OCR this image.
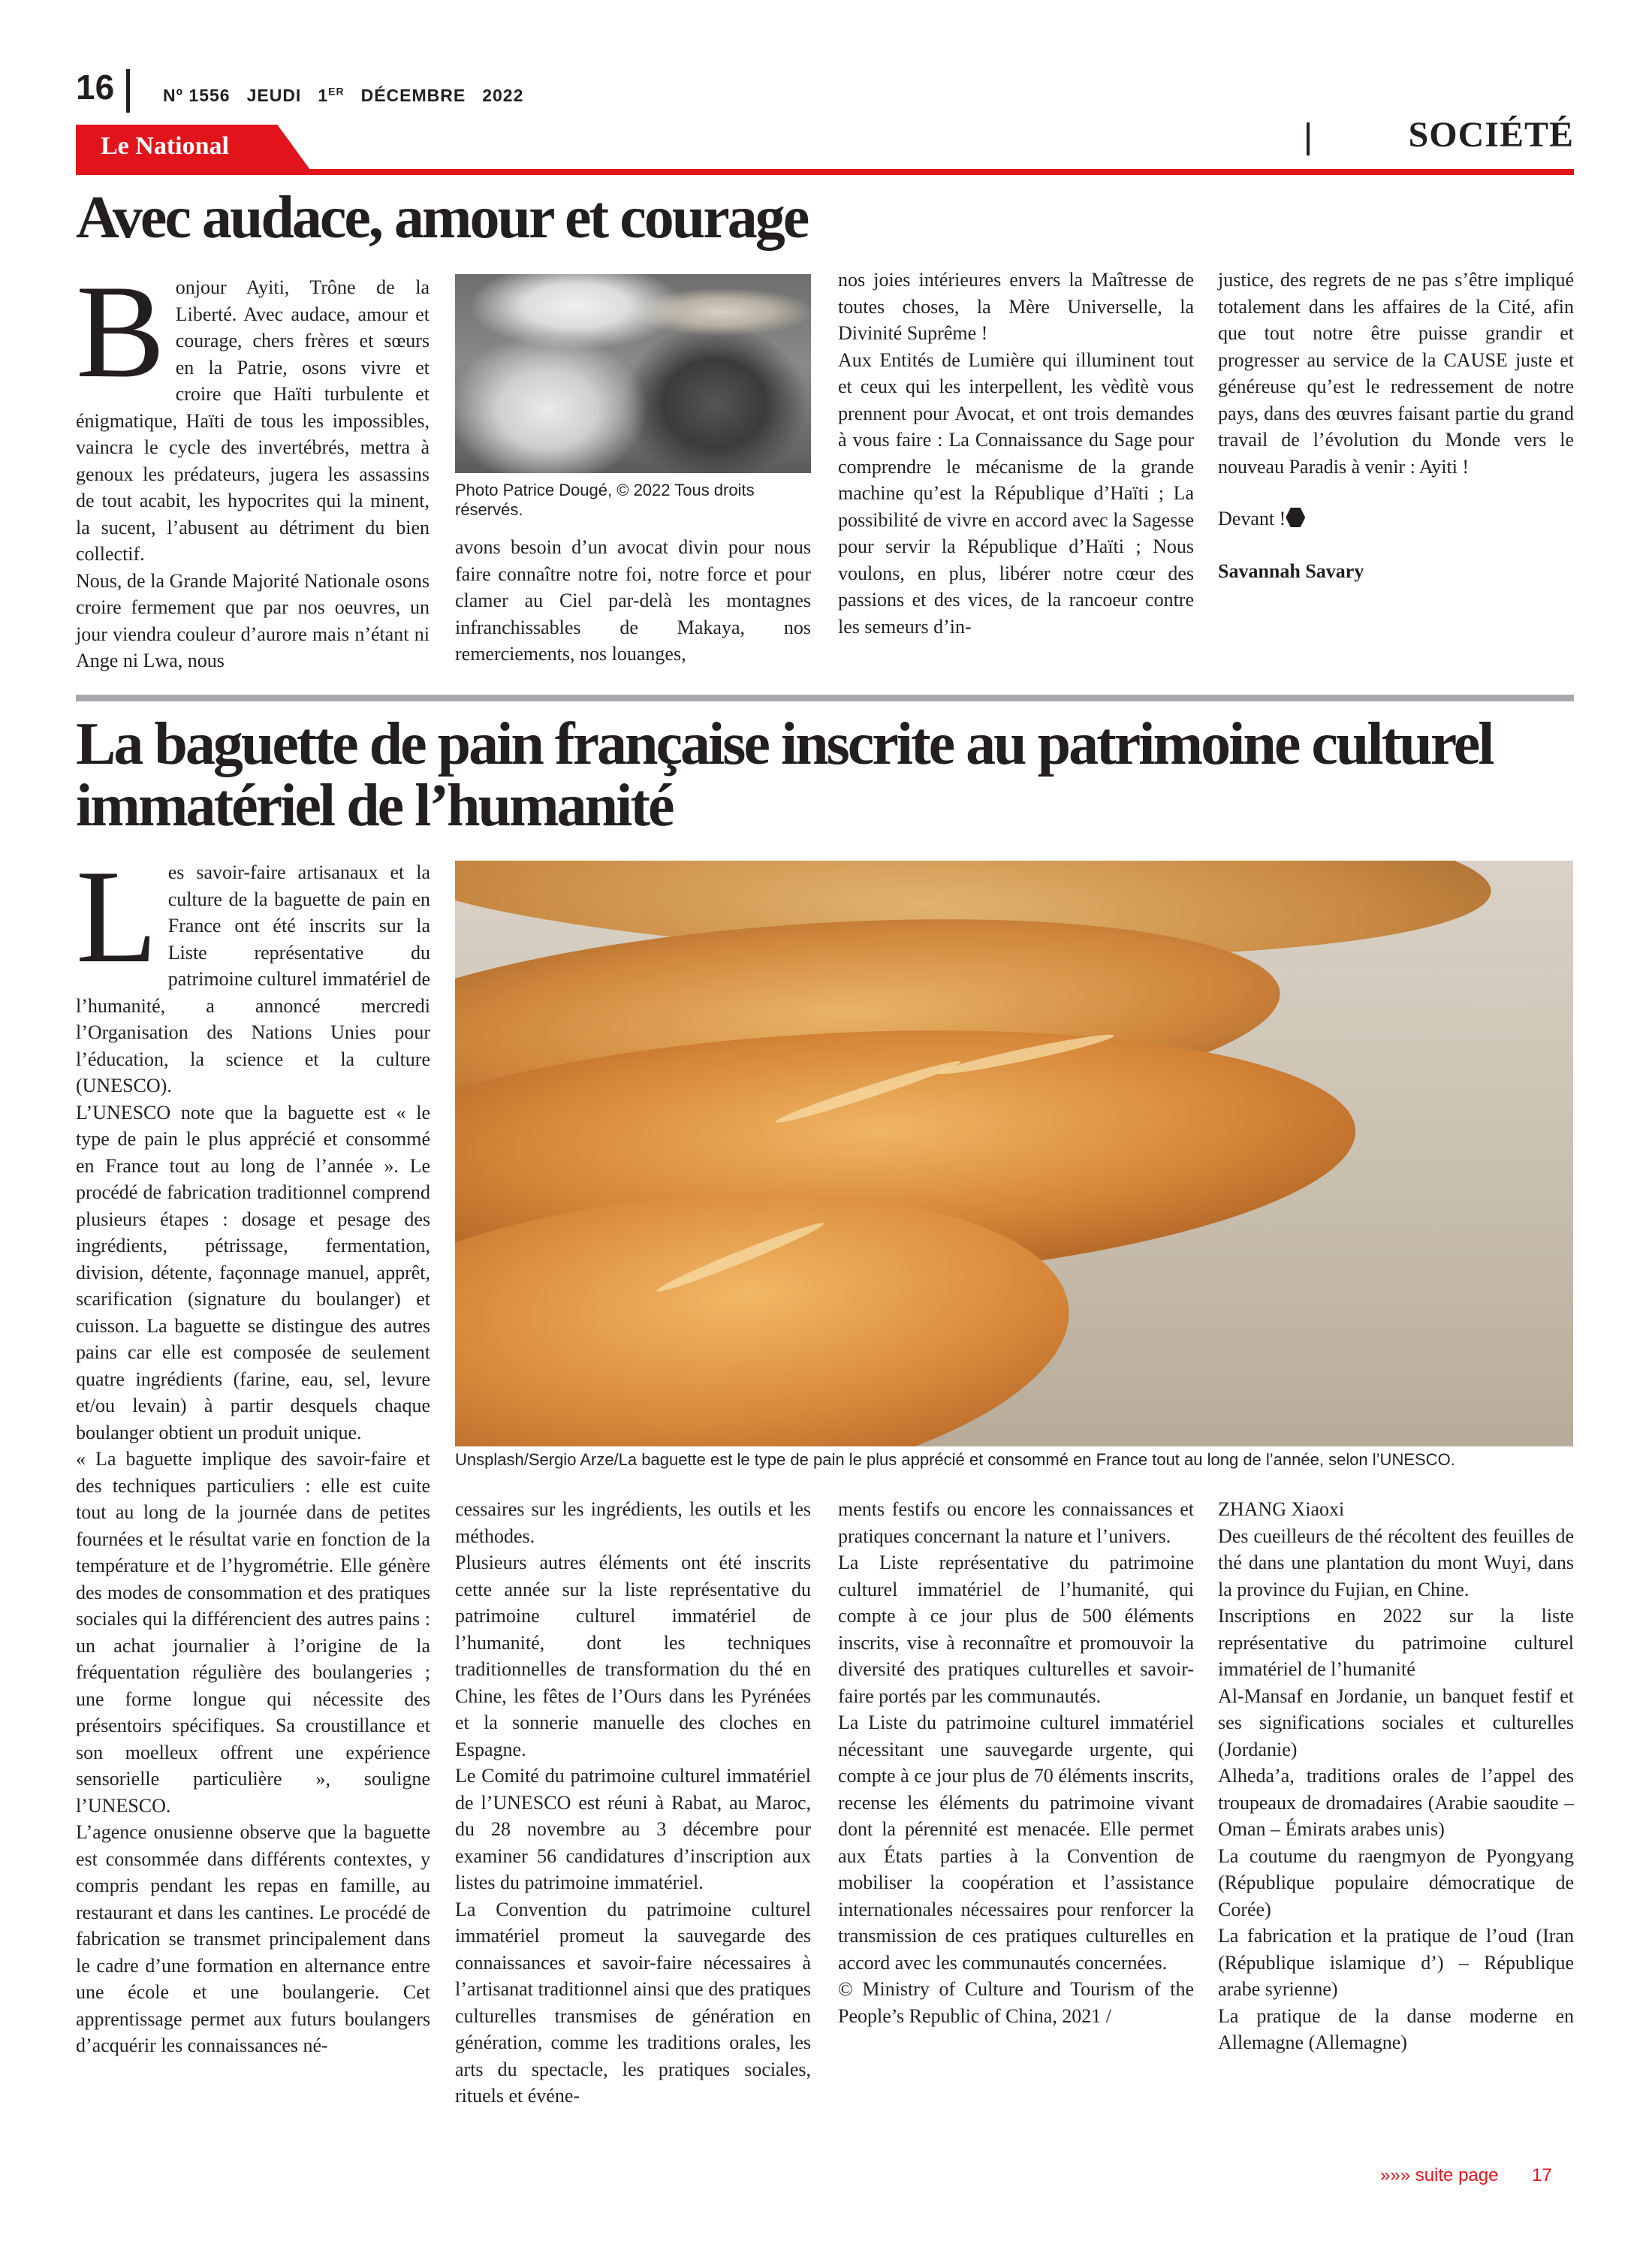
16	Nº 1556 JEUDI 1ER DÉCEMBRE 2022
Le National	SOCIÉTÉ
Avec audace, amour et courage

Bonjour Ayiti, Trône de la Liberté. Avec audace, amour et courage, chers frères et sœurs en la Patrie, osons vivre et croire que Haïti turbulente et énigmatique, Haïti de tous les impossibles, vaincra le cycle des invertébrés, mettra à genoux les prédateurs, jugera les assassins de tout acabit, les hypocrites qui la minent, la sucent, l’abusent au détriment du bien collectif.

Nous, de la Grande Majorité Nationale osons croire fermement que par nos oeuvres, un jour viendra couleur d’aurore mais n’étant ni Ange ni Lwa, nous

Photo Patrice Dougé, © 2022 Tous droits réservés.

avons besoin d’un avocat divin pour nous faire connaître notre foi, notre force et pour clamer au Ciel par-delà les montagnes infranchissables de Makaya, nos remerciements, nos louanges,

nos joies intérieures envers la Maîtresse de toutes choses, la Mère Universelle, la Divinité Suprême !

Aux Entités de Lumière qui illuminent tout et ceux qui les interpellent, les vèdìtè vous prennent pour Avocat, et ont trois demandes à vous faire : La Connaissance du Sage pour comprendre le mécanisme de la grande machine qu’est la République d’Haïti ; La possibilité de vivre en accord avec la Sagesse pour servir la République d’Haïti ; Nous voulons, en plus, libérer notre cœur des passions et des vices, de la rancoeur contre les semeurs d’in-

justice, des regrets de ne pas s’être impliqué totalement dans les affaires de la Cité, afin que tout notre être puisse grandir et progresser au service de la CAUSE juste et généreuse qu’est le redressement de notre pays, dans des œuvres faisant partie du grand travail de l’évolution du Monde vers le nouveau Paradis à venir : Ayiti !

Devant !

Savannah Savary

La baguette de pain française inscrite au patrimoine culturel
immatériel de l’humanité

Les savoir-faire artisanaux et la culture de la baguette de pain en France ont été inscrits sur la Liste représentative du patrimoine culturel immatériel de l’humanité, a annoncé mercredi l’Organisation des Nations Unies pour l’éducation, la science et la culture (UNESCO).

L’UNESCO note que la baguette est « le type de pain le plus apprécié et consommé en France tout au long de l’année ». Le procédé de fabrication traditionnel comprend plusieurs étapes : dosage et pesage des ingrédients, pétrissage, fermentation, division, détente, façonnage manuel, apprêt, scarification (signature du boulanger) et cuisson. La baguette se distingue des autres pains car elle est composée de seulement quatre ingrédients (farine, eau, sel, levure et/ou levain) à partir desquels chaque boulanger obtient un produit unique.

« La baguette implique des savoir-faire et des techniques particuliers : elle est cuite tout au long de la journée dans de petites fournées et le résultat varie en fonction de la température et de l’hygrométrie. Elle génère des modes de consommation et des pratiques sociales qui la différencient des autres pains : un achat journalier à l’origine de la fréquentation régulière des boulangeries ; une forme longue qui nécessite des présentoirs spécifiques. Sa croustillance et son moelleux offrent une expérience sensorielle particulière », souligne l’UNESCO.

L’agence onusienne observe que la baguette est consommée dans différents contextes, y compris pendant les repas en famille, au restaurant et dans les cantines. Le procédé de fabrication se transmet principalement dans le cadre d’une formation en alternance entre une école et une boulangerie. Cet apprentissage permet aux futurs boulangers d’acquérir les connaissances né-

Unsplash/Sergio Arze/La baguette est le type de pain le plus apprécié et consommé en France tout au long de l’année, selon l’UNESCO.

cessaires sur les ingrédients, les outils et les méthodes.

Plusieurs autres éléments ont été inscrits cette année sur la liste représentative du patrimoine culturel immatériel de l’humanité, dont les techniques traditionnelles de transformation du thé en Chine, les fêtes de l’Ours dans les Pyrénées et la sonnerie manuelle des cloches en Espagne.

Le Comité du patrimoine culturel immatériel de l’UNESCO est réuni à Rabat, au Maroc, du 28 novembre au 3 décembre pour examiner 56 candidatures d’inscription aux listes du patrimoine immatériel.

La Convention du patrimoine culturel immatériel promeut la sauvegarde des connaissances et savoir-faire nécessaires à l’artisanat traditionnel ainsi que des pratiques culturelles transmises de génération en génération, comme les traditions orales, les arts du spectacle, les pratiques sociales, rituels et événe-

ments festifs ou encore les connaissances et pratiques concernant la nature et l’univers.

La Liste représentative du patrimoine culturel immatériel de l’humanité, qui compte à ce jour plus de 500 éléments inscrits, vise à reconnaître et promouvoir la diversité des pratiques culturelles et savoir-faire portés par les communautés.

La Liste du patrimoine culturel immatériel nécessitant une sauvegarde urgente, qui compte à ce jour plus de 70 éléments inscrits, recense les éléments du patrimoine vivant dont la pérennité est menacée. Elle permet aux États parties à la Convention de mobiliser la coopération et l’assistance internationales nécessaires pour renforcer la transmission de ces pratiques culturelles en accord avec les communautés concernées.

© Ministry of Culture and Tourism of the People’s Republic of China, 2021 /

ZHANG Xiaoxi

Des cueilleurs de thé récoltent des feuilles de thé dans une plantation du mont Wuyi, dans la province du Fujian, en Chine.

Inscriptions en 2022 sur la liste représentative du patrimoine culturel immatériel de l’humanité

Al-Mansaf en Jordanie, un banquet festif et ses significations sociales et culturelles (Jordanie)

Alheda’a, traditions orales de l’appel des troupeaux de dromadaires (Arabie saoudite – Oman – Émirats arabes unis)

La coutume du raengmyon de Pyongyang (République populaire démocratique de Corée)

La fabrication et la pratique de l’oud (Iran (République islamique d’) – République arabe syrienne)

La pratique de la danse moderne en Allemagne (Allemagne)

»»» suite page 17
